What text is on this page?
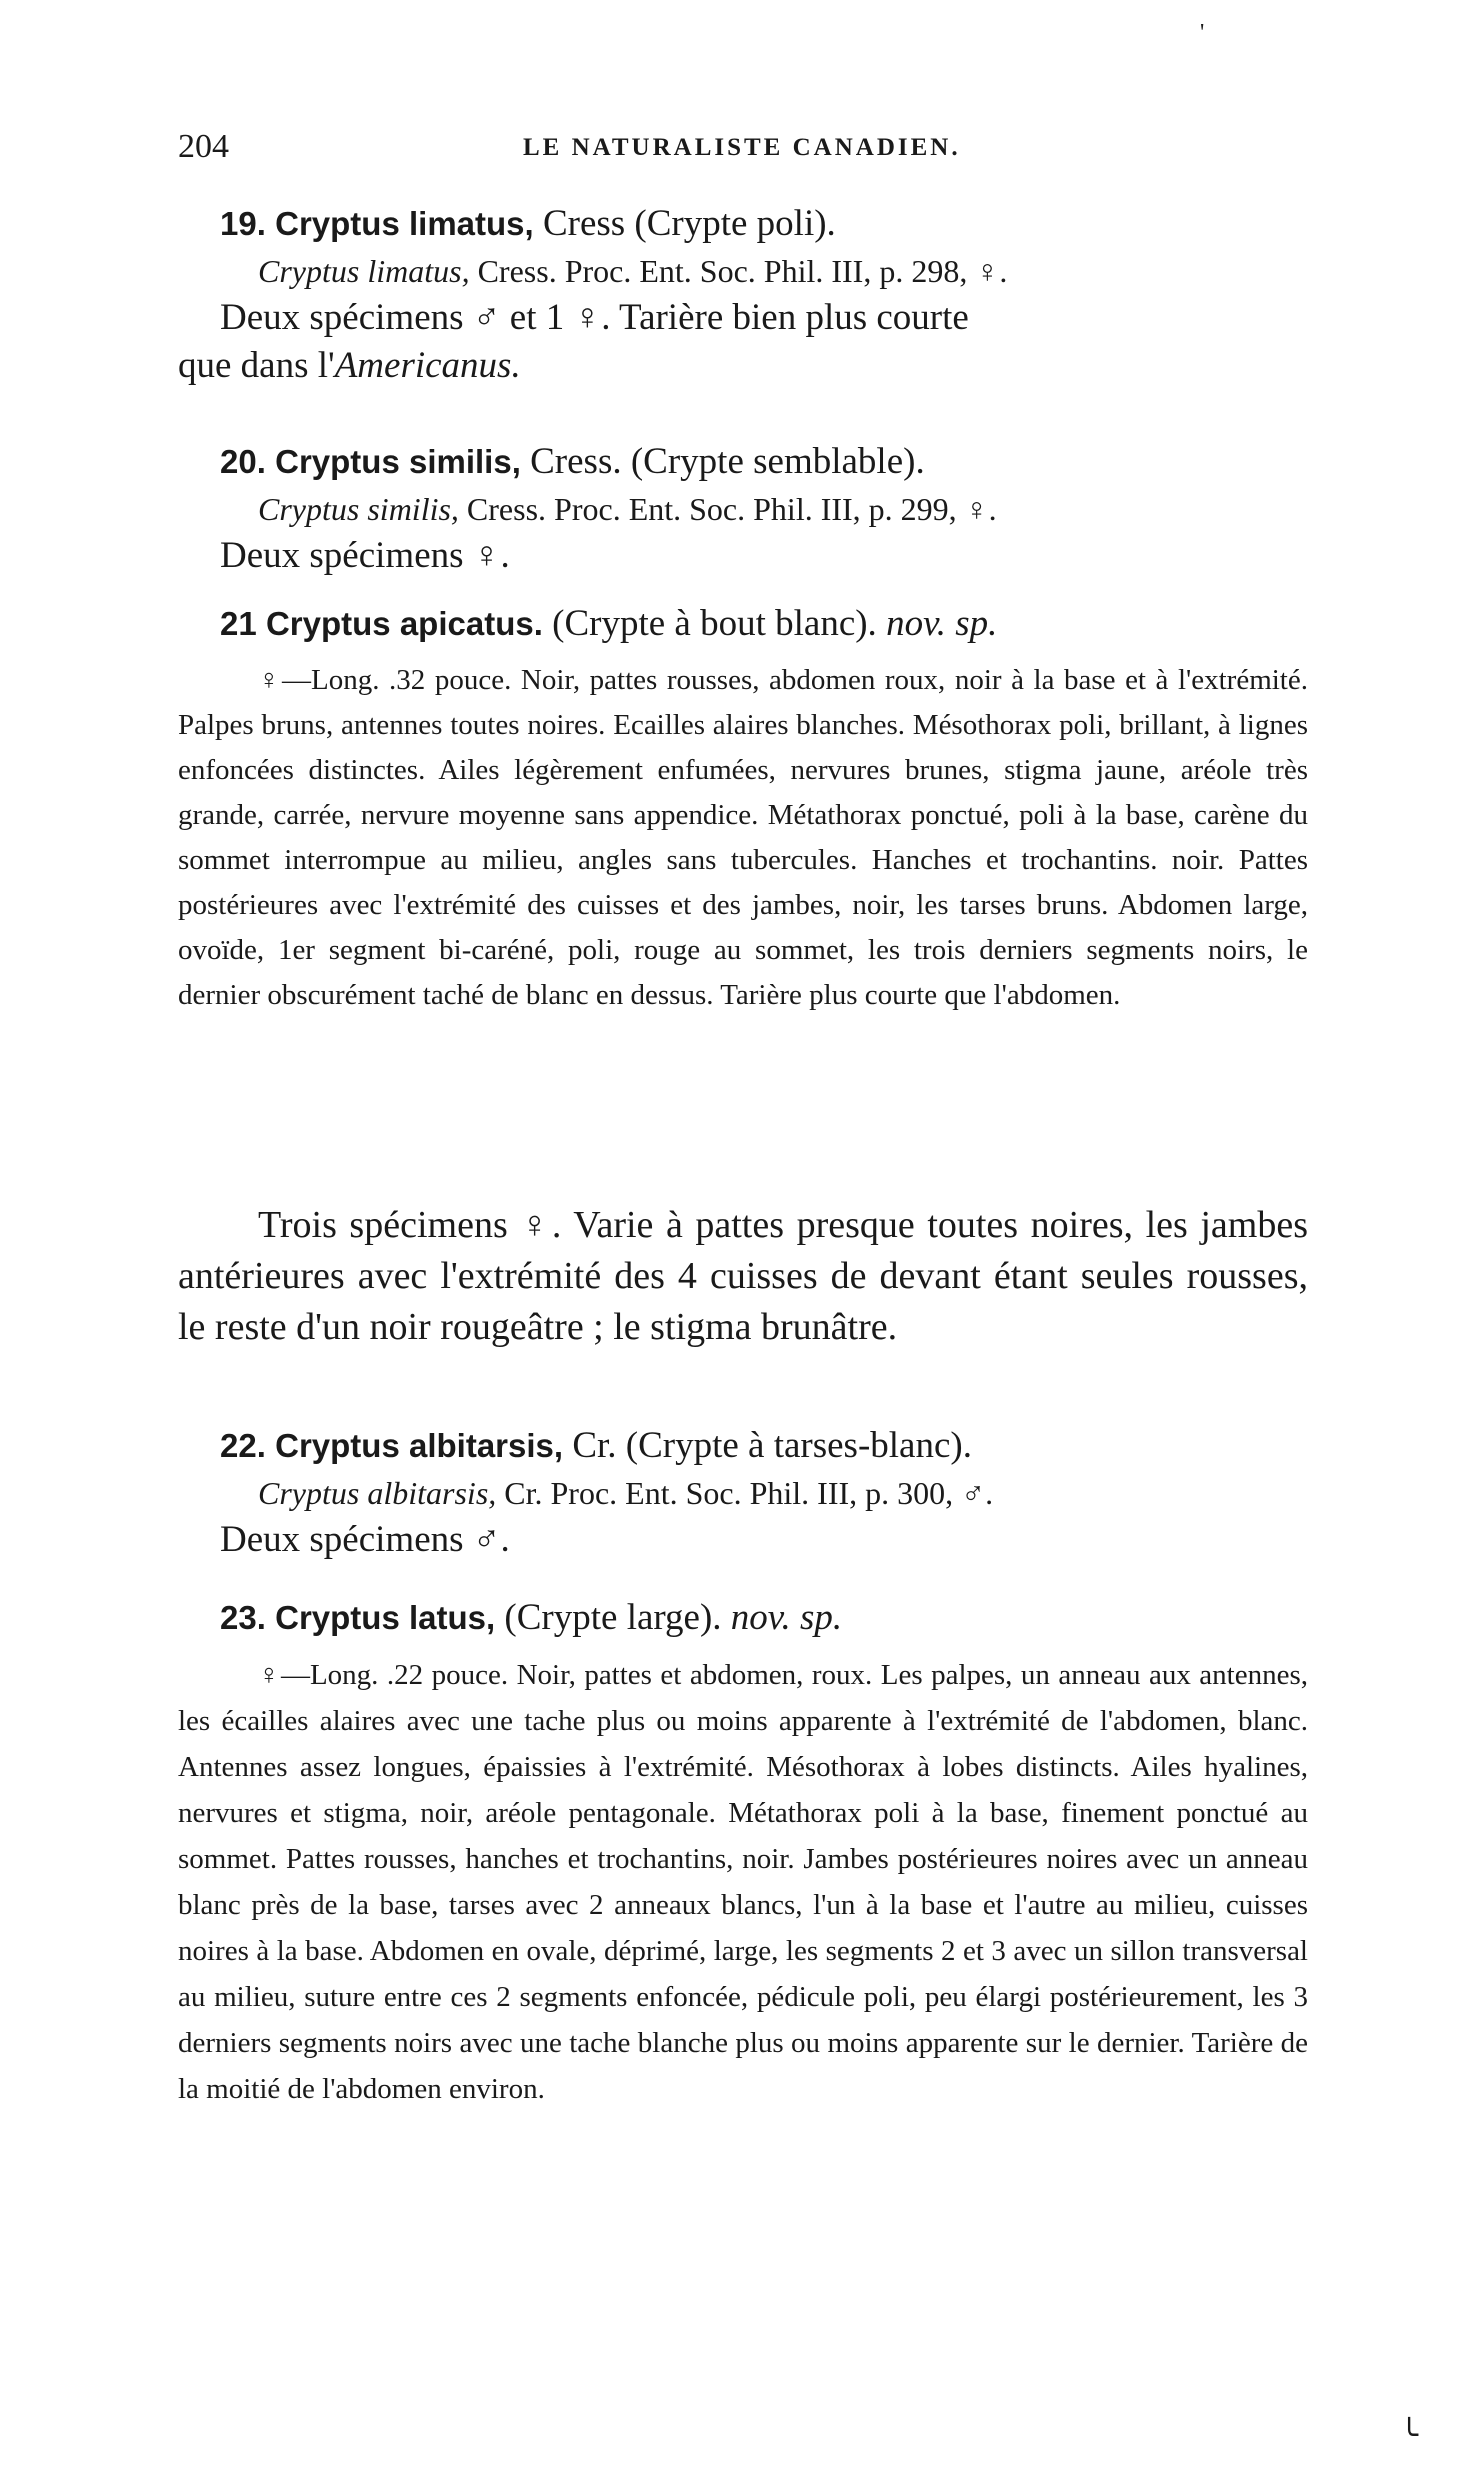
'
204	LE NATURALISTE CANADIEN.
19. Cryptus limatus, Cress (Crypte poli).
Cryptus limatus, Cress. Proc. Ent. Soc. Phil. III, p. 298, ♀.
Deux spécimens ♂ et 1 ♀. Tarière bien plus courte
que dans l'Americanus.
20. Cryptus similis, Cress. (Crypte semblable).
Cryptus similis, Cress. Proc. Ent. Soc. Phil. III, p. 299, ♀.
Deux spécimens ♀.
21 Cryptus apicatus. (Crypte à bout blanc). nov. sp.
♀—Long. .32 pouce. Noir, pattes rousses, abdomen roux, noir à la base et à l'extrémité. Palpes bruns, antennes toutes noires. Ecailles alaires blanches. Mésothorax poli, brillant, à lignes enfoncées distinctes. Ailes légèrement enfumées, nervures brunes, stigma jaune, aréole très grande, carrée, nervure moyenne sans appendice. Métathorax ponctué, poli à la base, carène du sommet interrompue au milieu, angles sans tubercules. Hanches et trochantins. noir. Pattes postérieures avec l'extrémité des cuisses et des jambes, noir, les tarses bruns. Abdomen large, ovoïde, 1er segment bi-caréné, poli, rouge au sommet, les trois derniers segments noirs, le dernier obscurément taché de blanc en dessus. Tarière plus courte que l'abdomen.
Trois spécimens ♀. Varie à pattes presque toutes noires, les jambes antérieures avec l'extrémité des 4 cuisses de devant étant seules rousses, le reste d'un noir rougeâtre ; le stigma brunâtre.
22. Cryptus albitarsis, Cr. (Crypte à tarses-blanc).
Cryptus albitarsis, Cr. Proc. Ent. Soc. Phil. III, p. 300, ♂.
Deux spécimens ♂.
23. Cryptus latus, (Crypte large). nov. sp.
♀—Long. .22 pouce. Noir, pattes et abdomen, roux. Les palpes, un anneau aux antennes, les écailles alaires avec une tache plus ou moins apparente à l'extrémité de l'abdomen, blanc. Antennes assez longues, épaissies à l'extrémité. Mésothorax à lobes distincts. Ailes hyalines, nervures et stigma, noir, aréole pentagonale. Métathorax poli à la base, finement ponctué au sommet. Pattes rousses, hanches et trochantins, noir. Jambes postérieures noires avec un anneau blanc près de la base, tarses avec 2 anneaux blancs, l'un à la base et l'autre au milieu, cuisses noires à la base. Abdomen en ovale, déprimé, large, les segments 2 et 3 avec un sillon transversal au milieu, suture entre ces 2 segments enfoncée, pédicule poli, peu élargi postérieurement, les 3 derniers segments noirs avec une tache blanche plus ou moins apparente sur le dernier. Tarière de la moitié de l'abdomen environ.
╰
